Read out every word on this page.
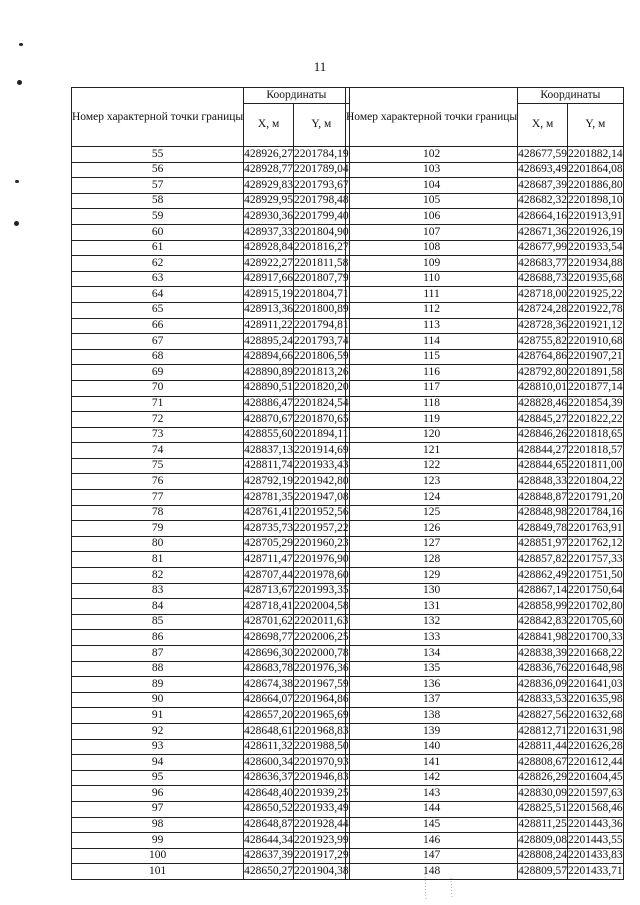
11
Номер характерной точки границы	Координаты	
	X, м	Y, м
55	428926,27	2201784,19
56	428928,77	2201789,04
57	428929,83	2201793,67
58	428929,95	2201798,48
59	428930,36	2201799,40
60	428937,33	2201804,90
61	428928,84	2201816,27
62	428922,27	2201811,58
63	428917,66	2201807,79
64	428915,19	2201804,71
65	428913,36	2201800,89
66	428911,22	2201794,81
67	428895,24	2201793,74
68	428894,66	2201806,59
69	428890,89	2201813,26
70	428890,51	2201820,20
71	428886,47	2201824,54
72	428870,67	2201870,65
73	428855,60	2201894,11
74	428837,13	2201914,69
75	428811,74	2201933,43
76	428792,19	2201942,80
77	428781,35	2201947,08
78	428761,41	2201952,56
79	428735,73	2201957,22
80	428705,29	2201960,23
81	428711,47	2201976,90
82	428707,44	2201978,60
83	428713,67	2201993,35
84	428718,41	2202004,58
85	428701,62	2202011,63
86	428698,77	2202006,25
87	428696,30	2202000,78
88	428683,78	2201976,36
89	428674,38	2201967,59
90	428664,07	2201964,86
91	428657,20	2201965,69
92	428648,61	2201968,83
93	428611,32	2201988,50
94	428600,34	2201970,93
95	428636,37	2201946,83
96	428648,40	2201939,25
97	428650,52	2201933,49
98	428648,87	2201928,44
99	428644,34	2201923,99
100	428637,39	2201917,29
101	428650,27	2201904,38
Номер характерной точки границы	Координаты	
	X, м	Y, м
102	428677,59	2201882,14
103	428693,49	2201864,08
104	428687,39	2201886,80
105	428682,32	2201898,10
106	428664,16	2201913,91
107	428671,36	2201926,19
108	428677,99	2201933,54
109	428683,77	2201934,88
110	428688,73	2201935,68
111	428718,00	2201925,22
112	428724,28	2201922,78
113	428728,36	2201921,12
114	428755,82	2201910,68
115	428764,86	2201907,21
116	428792,80	2201891,58
117	428810,01	2201877,14
118	428828,46	2201854,39
119	428845,27	2201822,22
120	428846,26	2201818,65
121	428844,27	2201818,57
122	428844,65	2201811,00
123	428848,33	2201804,22
124	428848,87	2201791,20
125	428848,98	2201784,16
126	428849,78	2201763,91
127	428851,97	2201762,12
128	428857,82	2201757,33
129	428862,49	2201751,50
130	428867,14	2201750,64
131	428858,99	2201702,80
132	428842,83	2201705,60
133	428841,98	2201700,33
134	428838,39	2201668,22
135	428836,76	2201648,98
136	428836,09	2201641,03
137	428833,53	2201635,98
138	428827,56	2201632,68
139	428812,71	2201631,98
140	428811,44	2201626,28
141	428808,67	2201612,44
142	428826,29	2201604,45
143	428830,09	2201597,63
144	428825,51	2201568,46
145	428811,25	2201443,36
146	428809,08	2201443,55
147	428808,24	2201433,83
148	428809,57	2201433,71
